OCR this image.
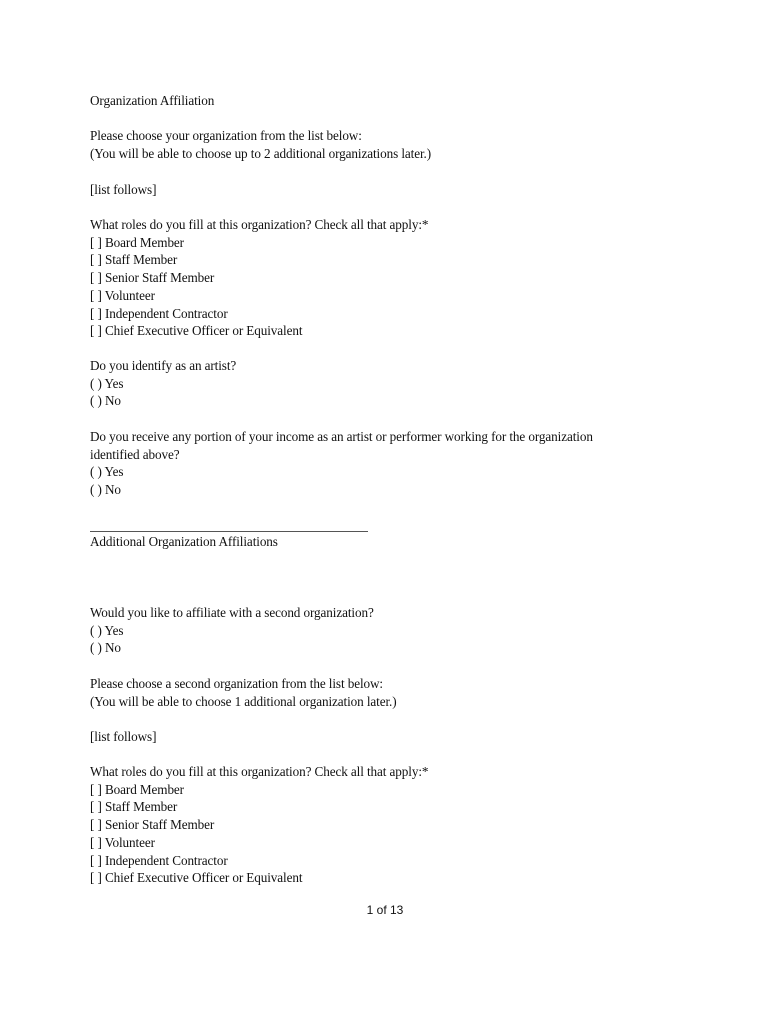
Organization Affiliation
Please choose your organization from the list below:
(You will be able to choose up to 2 additional organizations later.)
[list follows]
What roles do you fill at this organization? Check all that apply:*
[ ] Board Member
[ ] Staff Member
[ ] Senior Staff Member
[ ] Volunteer
[ ] Independent Contractor
[ ] Chief Executive Officer or Equivalent
Do you identify as an artist?
( ) Yes
( ) No
Do you receive any portion of your income as an artist or performer working for the organization
identified above?
( ) Yes
( ) No
Additional Organization Affiliations
Would you like to affiliate with a second organization?
( ) Yes
( ) No
Please choose a second organization from the list below:
(You will be able to choose 1 additional organization later.)
[list follows]
What roles do you fill at this organization? Check all that apply:*
[ ] Board Member
[ ] Staff Member
[ ] Senior Staff Member
[ ] Volunteer
[ ] Independent Contractor
[ ] Chief Executive Officer or Equivalent
1 of 13
